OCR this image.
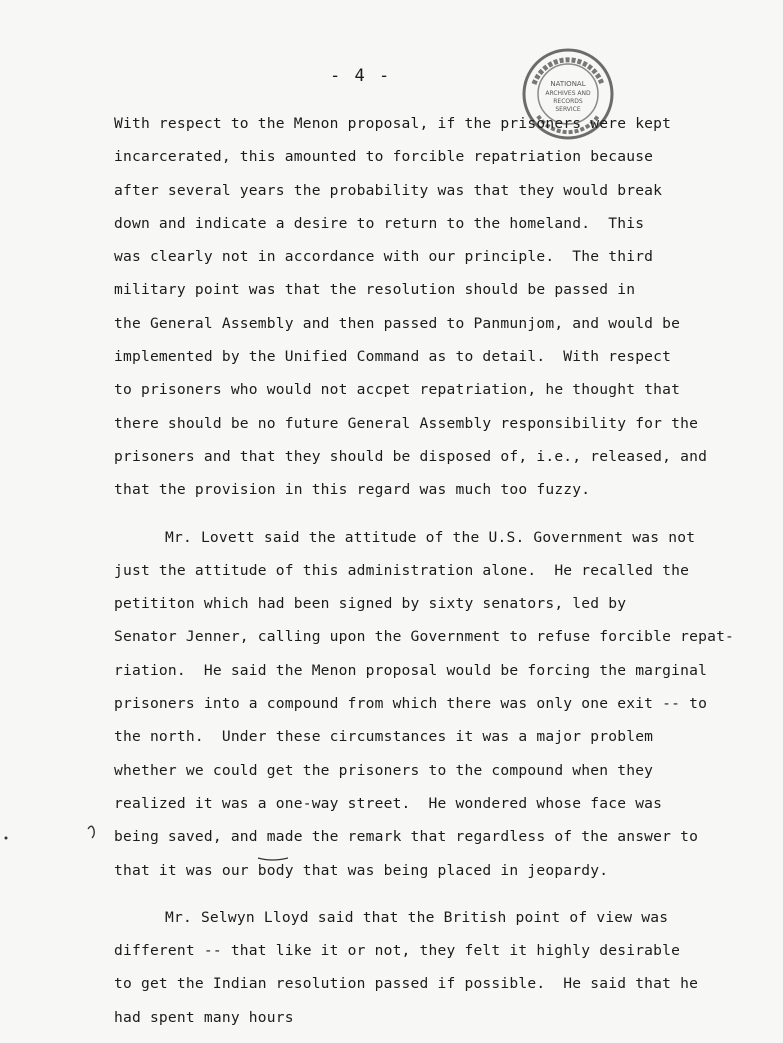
- 4 -	NATIONAL
ARCHIVES AND
RECORDS
SERVICE
With respect to the Menon proposal, if the prisoners were kept
incarcerated, this amounted to forcible repatriation because
after several years the probability was that they would break
down and indicate a desire to return to the homeland.  This
was clearly not in accordance with our principle.  The third
military point was that the resolution should be passed in
the General Assembly and then passed to Panmunjom, and would be
implemented by the Unified Command as to detail.  With respect
to prisoners who would not accpet repatriation, he thought that
there should be no future General Assembly responsibility for the
prisoners and that they should be disposed of, i.e., released, and
that the provision in this regard was much too fuzzy.
Mr. Lovett said the attitude of the U.S. Government was not
just the attitude of this administration alone.  He recalled the
petititon which had been signed by sixty senators, led by
Senator Jenner, calling upon the Government to refuse forcible repat-
riation.  He said the Menon proposal would be forcing the marginal
prisoners into a compound from which there was only one exit -- to
the north.  Under these circumstances it was a major problem
whether we could get the prisoners to the compound when they
realized it was a one-way street.  He wondered whose face was
being saved, and made the remark that regardless of the answer to
that it was our body that was being placed in jeopardy.
Mr. Selwyn Lloyd said that the British point of view was
different -- that like it or not, they felt it highly desirable
to get the Indian resolution passed if possible.  He said that he
had spent many hours
